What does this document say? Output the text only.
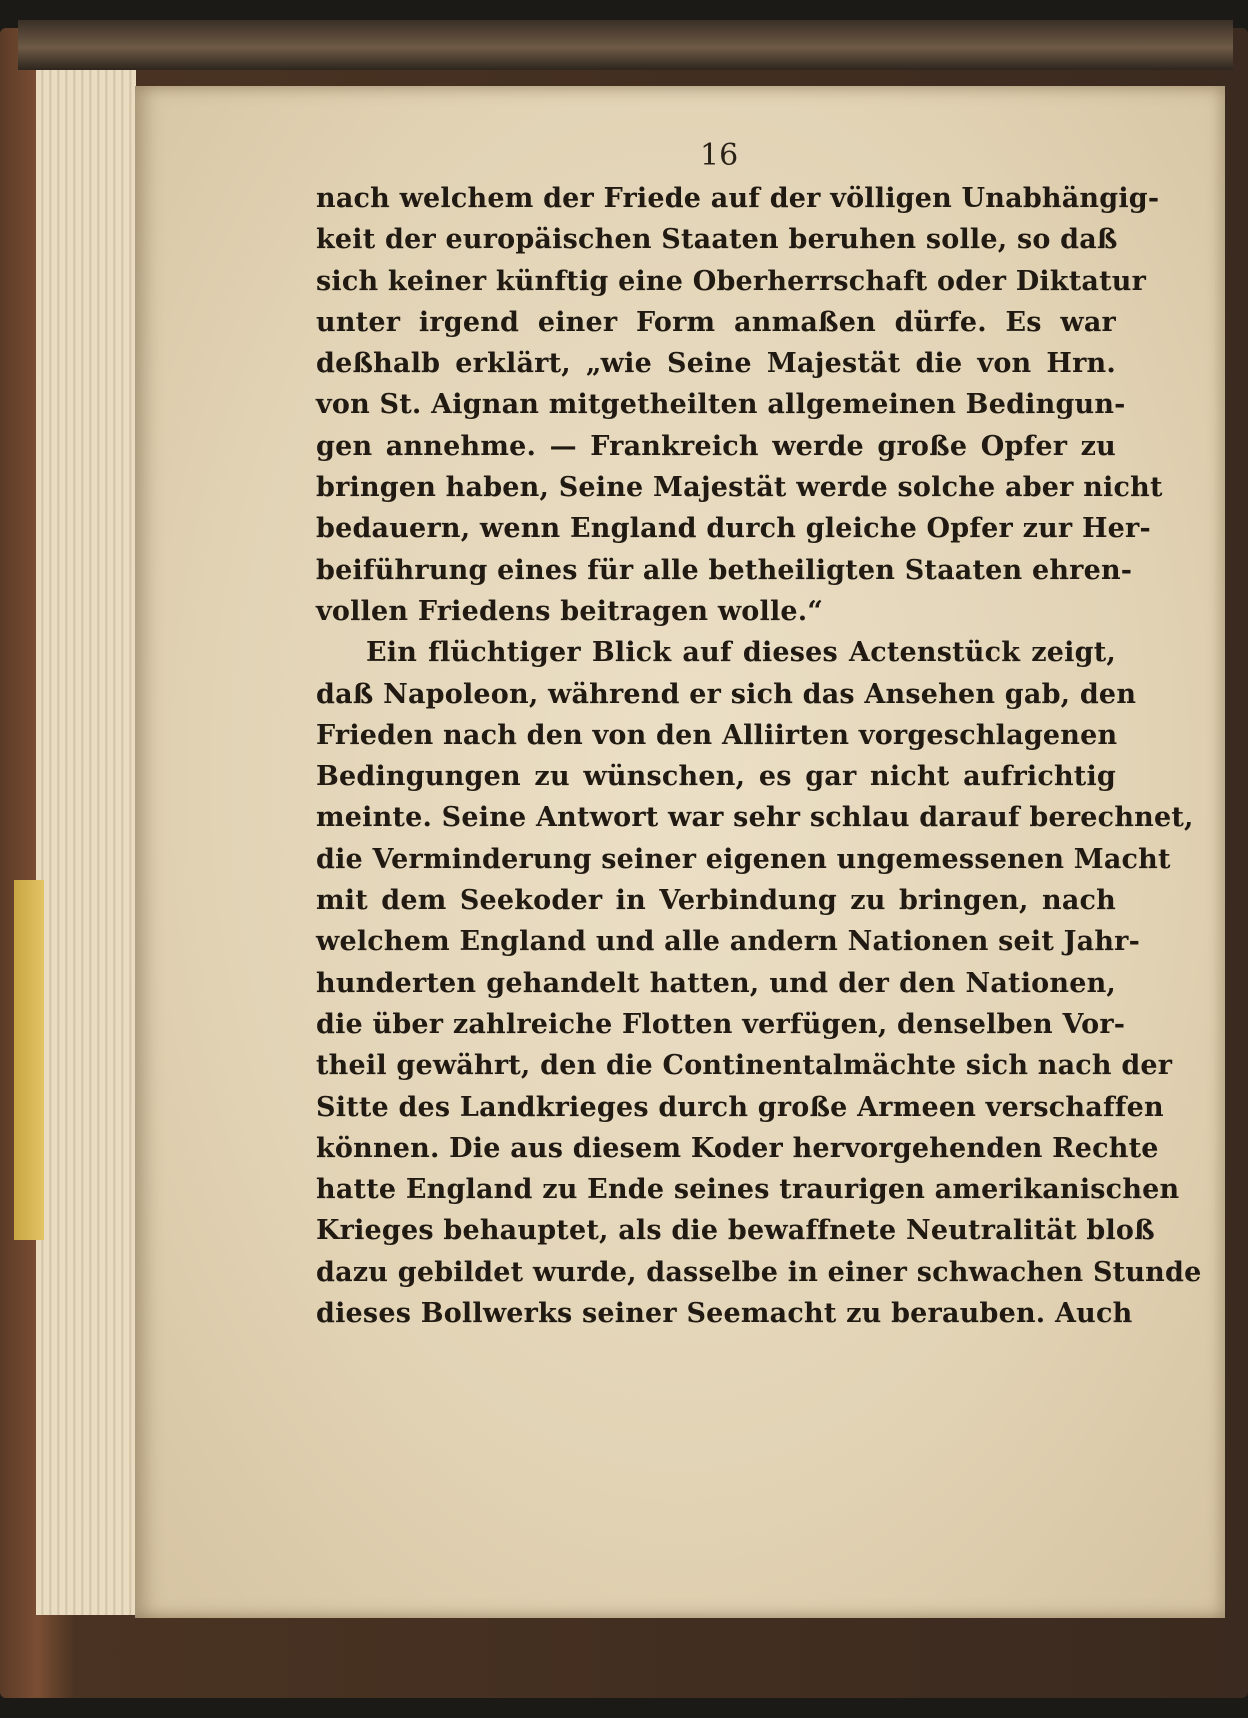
16
nach welchem der Friede auf der völligen Unabhängig-
keit der europäischen Staaten beruhen solle, so daß
sich keiner künftig eine Oberherrschaft oder Diktatur
unter irgend einer Form anmaßen dürfe. Es war
deßhalb erklärt, „wie Seine Majestät die von Hrn.
von St. Aignan mitgetheilten allgemeinen Bedingun-
gen annehme. — Frankreich werde große Opfer zu
bringen haben, Seine Majestät werde solche aber nicht
bedauern, wenn England durch gleiche Opfer zur Her-
beiführung eines für alle betheiligten Staaten ehren-
vollen Friedens beitragen wolle.“
Ein flüchtiger Blick auf dieses Actenstück zeigt,
daß Napoleon, während er sich das Ansehen gab, den
Frieden nach den von den Alliirten vorgeschlagenen
Bedingungen zu wünschen, es gar nicht aufrichtig
meinte. Seine Antwort war sehr schlau darauf berechnet,
die Verminderung seiner eigenen ungemessenen Macht
mit dem Seekoder in Verbindung zu bringen, nach
welchem England und alle andern Nationen seit Jahr-
hunderten gehandelt hatten, und der den Nationen,
die über zahlreiche Flotten verfügen, denselben Vor-
theil gewährt, den die Continentalmächte sich nach der
Sitte des Landkrieges durch große Armeen verschaffen
können. Die aus diesem Koder hervorgehenden Rechte
hatte England zu Ende seines traurigen amerikanischen
Krieges behauptet, als die bewaffnete Neutralität bloß
dazu gebildet wurde, dasselbe in einer schwachen Stunde
dieses Bollwerks seiner Seemacht zu berauben. Auch
